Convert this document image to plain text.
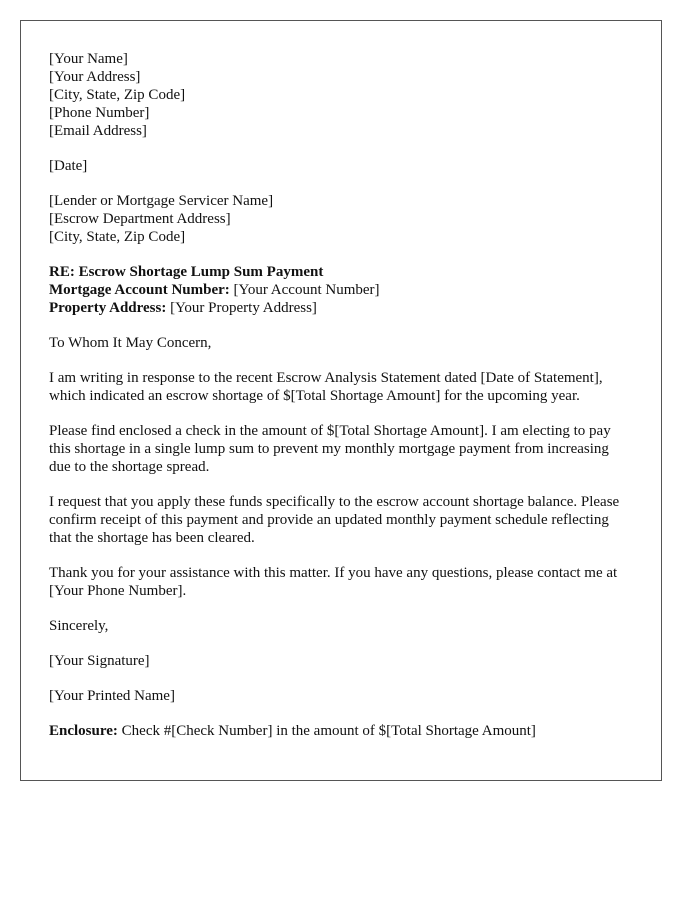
[Your Name]
[Your Address]
[City, State, Zip Code]
[Phone Number]
[Email Address]

[Date]

[Lender or Mortgage Servicer Name]
[Escrow Department Address]
[City, State, Zip Code]

RE: Escrow Shortage Lump Sum Payment
Mortgage Account Number: [Your Account Number]
Property Address: [Your Property Address]

To Whom It May Concern,

I am writing in response to the recent Escrow Analysis Statement dated [Date of Statement], which indicated an escrow shortage of $[Total Shortage Amount] for the upcoming year.

Please find enclosed a check in the amount of $[Total Shortage Amount]. I am electing to pay this shortage in a single lump sum to prevent my monthly mortgage payment from increasing due to the shortage spread.

I request that you apply these funds specifically to the escrow account shortage balance. Please confirm receipt of this payment and provide an updated monthly payment schedule reflecting that the shortage has been cleared.

Thank you for your assistance with this matter. If you have any questions, please contact me at [Your Phone Number].

Sincerely,

[Your Signature]

[Your Printed Name]

Enclosure: Check #[Check Number] in the amount of $[Total Shortage Amount]
